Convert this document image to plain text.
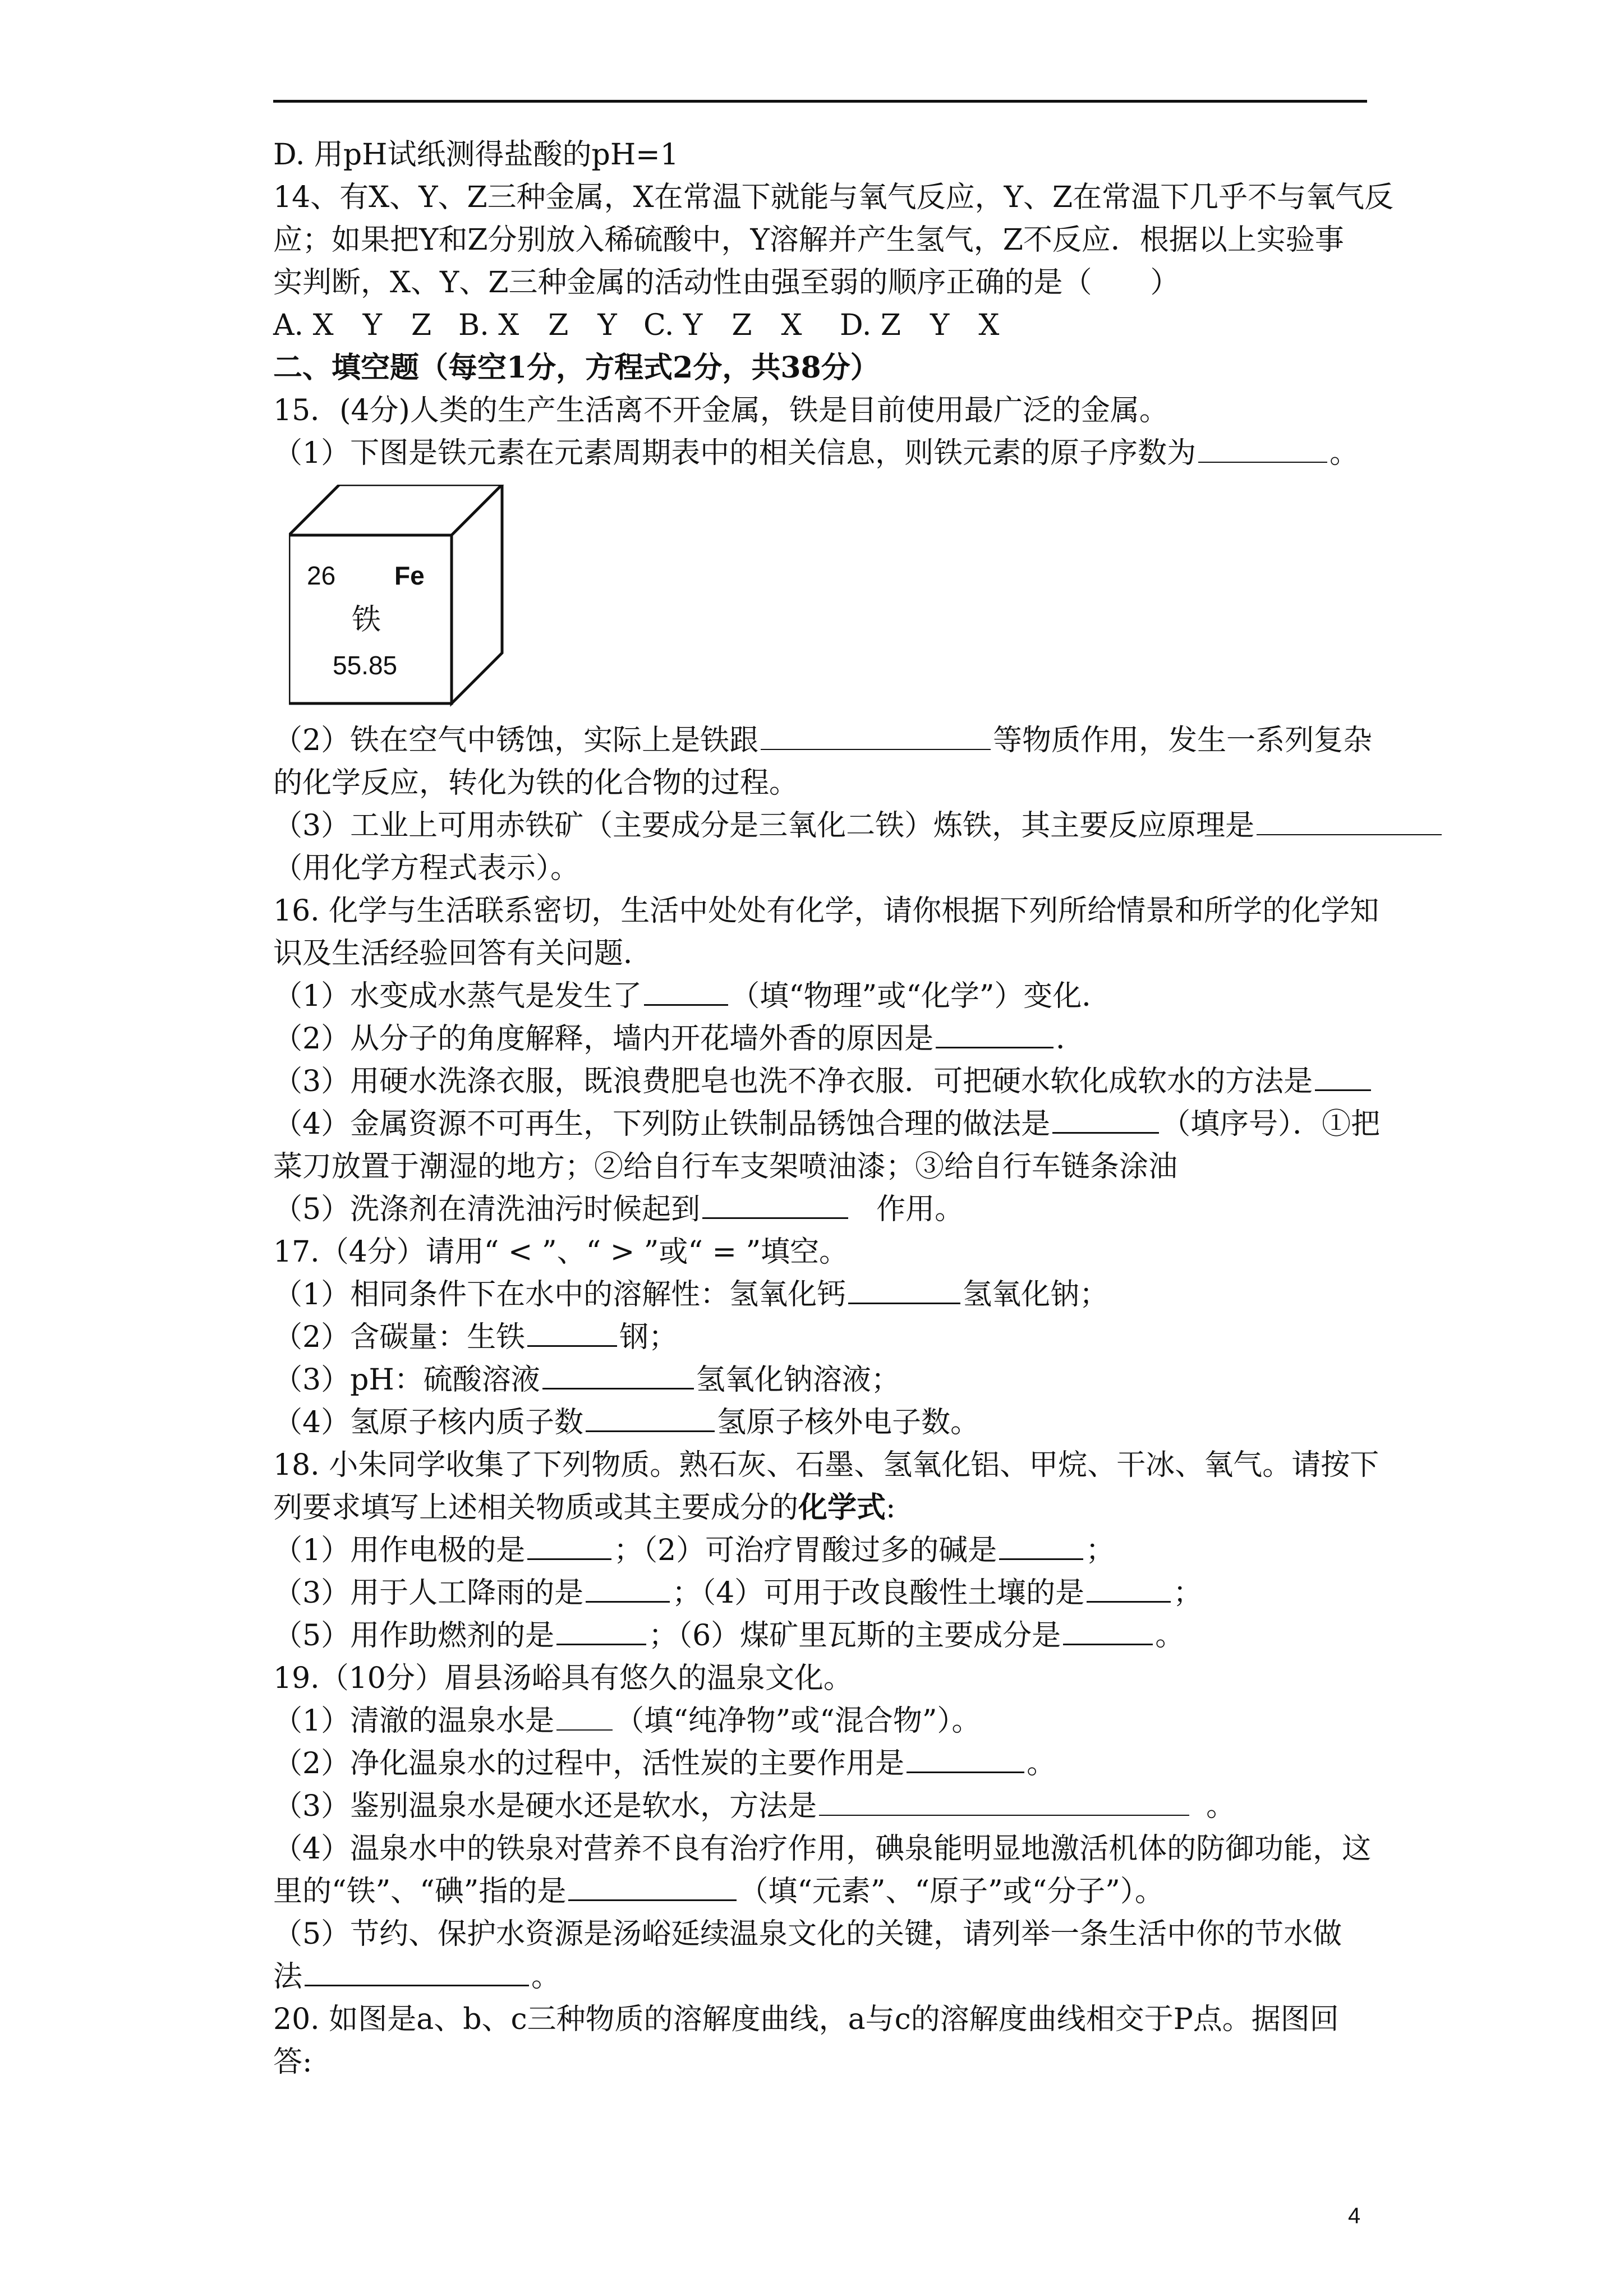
D. 用pH试纸测得盐酸的pH=1
14、有X、Y、Z三种金属，X在常温下就能与氧气反应，Y、Z在常温下几乎不与氧气反
应；如果把Y和Z分别放入稀硫酸中，Y溶解并产生氢气，Z不反应．根据以上实验事
实判断，X、Y、Z三种金属的活动性由强至弱的顺序正确的是（　　）
A. X　Y　Z B. X　Z　Y C. Y　Z　X D. Z　Y　X
二、填空题（每空1分，方程式2分，共38分）
15．(4分)人类的生产生活离不开金属，铁是目前使用最广泛的金属。
（1）下图是铁元素在元素周期表中的相关信息，则铁元素的原子序数为	。
26 Fe
铁
55.85
（2）铁在空气中锈蚀，实际上是铁跟	等物质作用，发生一系列复杂
的化学反应，转化为铁的化合物的过程。
（3）工业上可用赤铁矿（主要成分是三氧化二铁）炼铁，其主要反应原理是
（用化学方程式表示）。
16. 化学与生活联系密切，生活中处处有化学，请你根据下列所给情景和所学的化学知
识及生活经验回答有关问题．
（1）水变成水蒸气是发生了	（填“物理”或“化学”）变化．
（2）从分子的角度解释，墙内开花墙外香的原因是	．
（3）用硬水洗涤衣服，既浪费肥皂也洗不净衣服．可把硬水软化成软水的方法是
（4）金属资源不可再生，下列防止铁制品锈蚀合理的做法是	（填序号）．①把
菜刀放置于潮湿的地方；②给自行车支架喷油漆；③给自行车链条涂油
（5）洗涤剂在清洗油污时候起到	作用。
17.（4分）请用“ < ”、“ > ”或“ = ”填空。
（1）相同条件下在水中的溶解性：氢氧化钙	氢氧化钠；
（2）含碳量：生铁	钢；
（3）pH：硫酸溶液	氢氧化钠溶液；
（4）氢原子核内质子数	氢原子核外电子数。
18. 小朱同学收集了下列物质。熟石灰、石墨、氢氧化铝、甲烷、干冰、氧气。请按下
列要求填写上述相关物质或其主要成分的化学式:
（1）用作电极的是	；（2）可治疗胃酸过多的碱是	；
（3）用于人工降雨的是	；（4）可用于改良酸性土壤的是	；
（5）用作助燃剂的是	；（6）煤矿里瓦斯的主要成分是	。
19.（10分）眉县汤峪具有悠久的温泉文化。
（1）清澈的温泉水是 （填“纯净物”或“混合物”）。
（2）净化温泉水的过程中，活性炭的主要作用是	。
（3）鉴别温泉水是硬水还是软水，方法是	。
（4）温泉水中的铁泉对营养不良有治疗作用，碘泉能明显地激活机体的防御功能，这
里的“铁”、“碘”指的是	（填“元素”、“原子”或“分子”）。
（5）节约、保护水资源是汤峪延续温泉文化的关键，请列举一条生活中你的节水做
法	。
20. 如图是a、b、c三种物质的溶解度曲线，a与c的溶解度曲线相交于P点。据图回
答:
4
